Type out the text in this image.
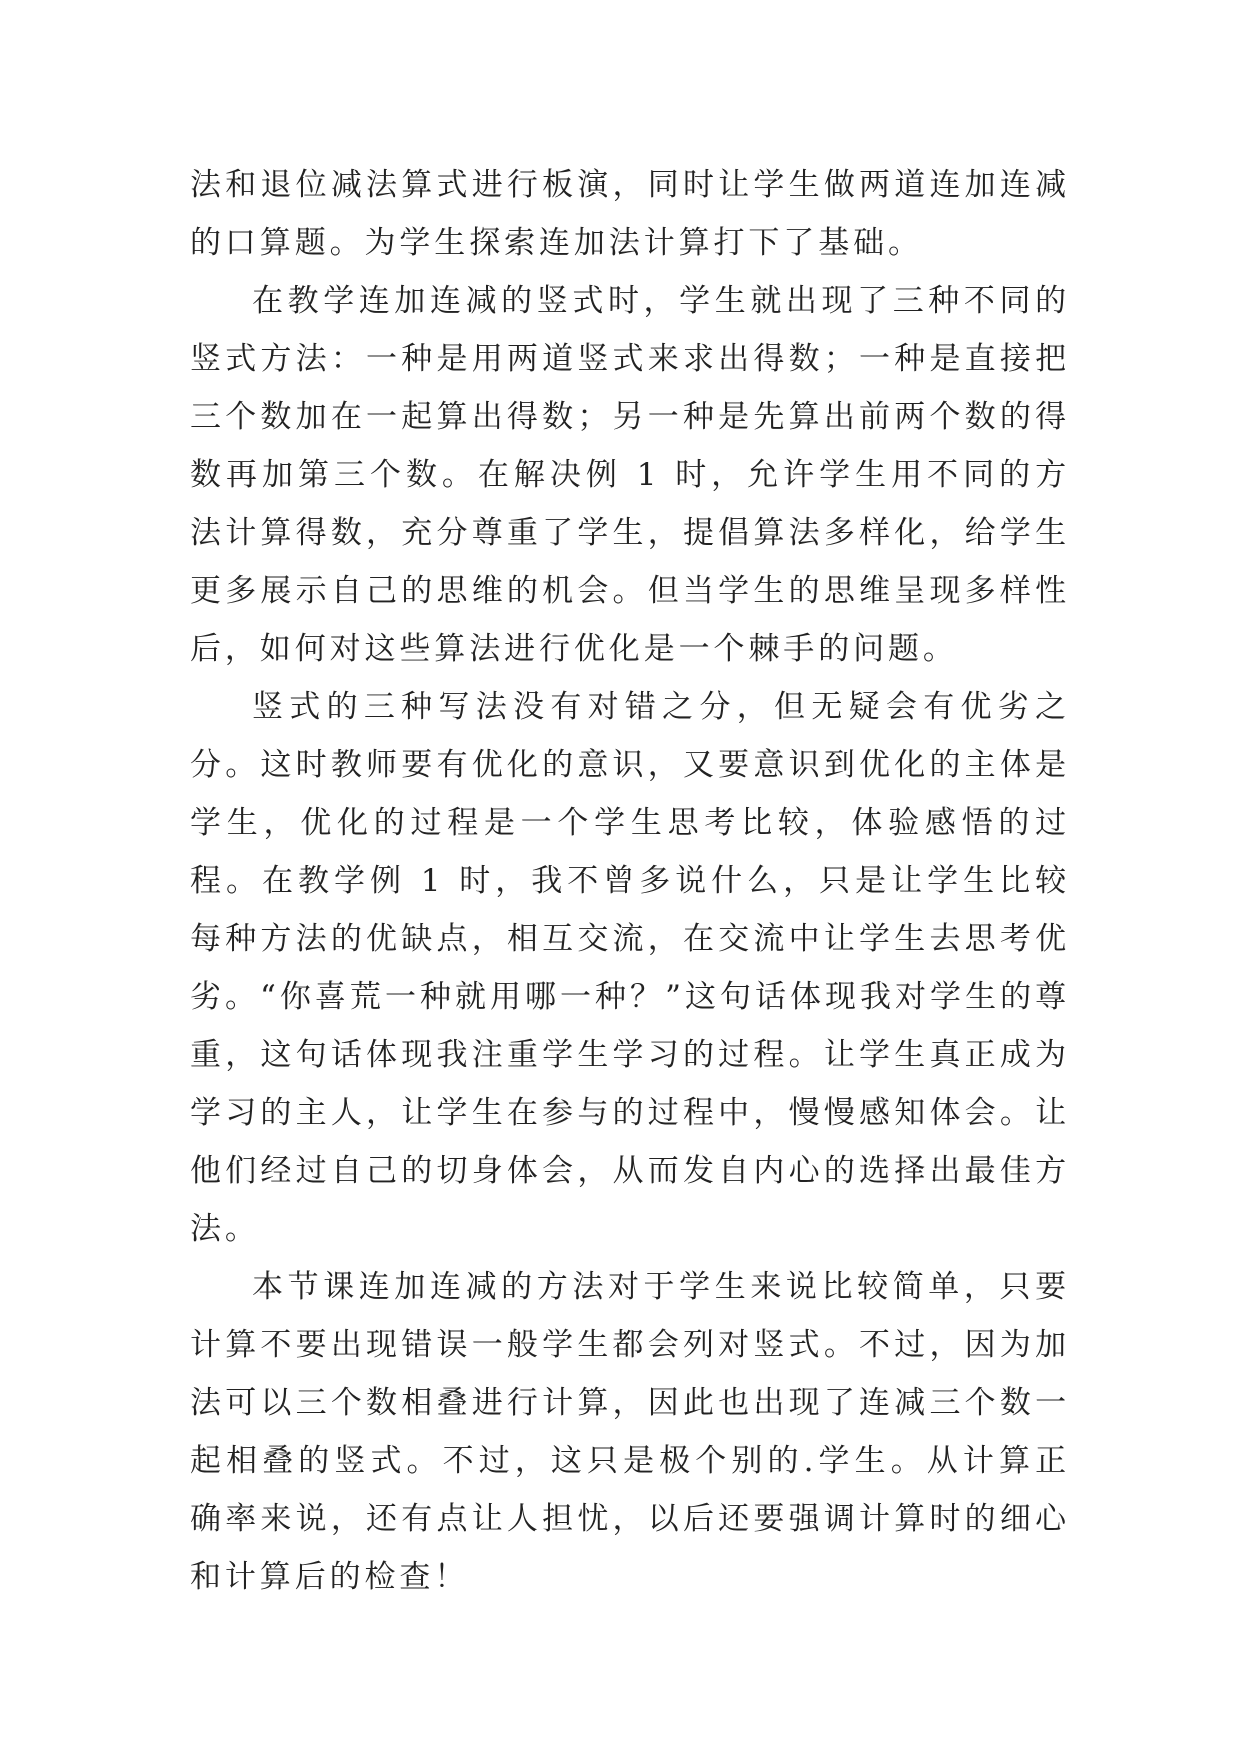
法和退位减法算式进行板演，同时让学生做两道连加连减的口算题。为学生探索连加法计算打下了基础。

在教学连加连减的竖式时，学生就出现了三种不同的竖式方法：一种是用两道竖式来求出得数；一种是直接把三个数加在一起算出得数；另一种是先算出前两个数的得数再加第三个数。在解决例 1 时，允许学生用不同的方法计算得数，充分尊重了学生，提倡算法多样化，给学生更多展示自己的思维的机会。但当学生的思维呈现多样性后，如何对这些算法进行优化是一个棘手的问题。

竖式的三种写法没有对错之分，但无疑会有优劣之分。这时教师要有优化的意识，又要意识到优化的主体是学生，优化的过程是一个学生思考比较，体验感悟的过程。在教学例 1 时，我不曾多说什么，只是让学生比较每种方法的优缺点，相互交流，在交流中让学生去思考优劣。“你喜荒一种就用哪一种？”这句话体现我对学生的尊重，这句话体现我注重学生学习的过程。让学生真正成为学习的主人，让学生在参与的过程中，慢慢感知体会。让他们经过自己的切身体会，从而发自内心的选择出最佳方法。

本节课连加连减的方法对于学生来说比较简单，只要计算不要出现错误一般学生都会列对竖式。不过，因为加法可以三个数相叠进行计算，因此也出现了连减三个数一起相叠的竖式。不过，这只是极个别的.学生。从计算正确率来说，还有点让人担忧，以后还要强调计算时的细心和计算后的检查！
